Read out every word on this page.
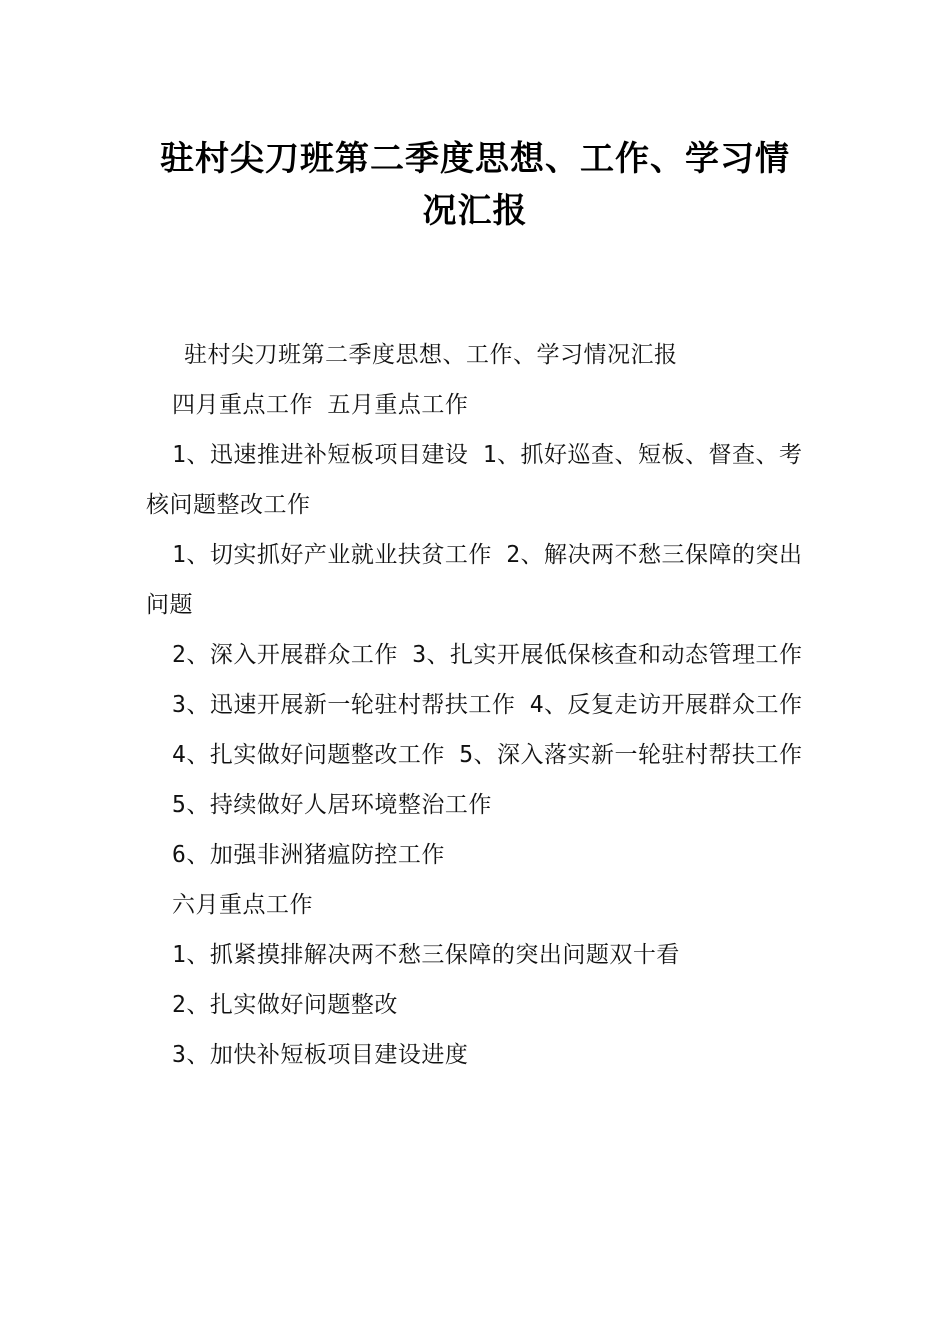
驻村尖刀班第二季度思想、工作、学习情
况汇报

驻村尖刀班第二季度思想、工作、学习情况汇报

四月重点工作 五月重点工作

1、迅速推进补短板项目建设 1、抓好巡查、短板、督查、考核问题整改工作

1、切实抓好产业就业扶贫工作 2、解决两不愁三保障的突出问题

2、深入开展群众工作 3、扎实开展低保核查和动态管理工作

3、迅速开展新一轮驻村帮扶工作 4、反复走访开展群众工作

4、扎实做好问题整改工作 5、深入落实新一轮驻村帮扶工作

5、持续做好人居环境整治工作

6、加强非洲猪瘟防控工作

六月重点工作

1、抓紧摸排解决两不愁三保障的突出问题双十看

2、扎实做好问题整改

3、加快补短板项目建设进度
